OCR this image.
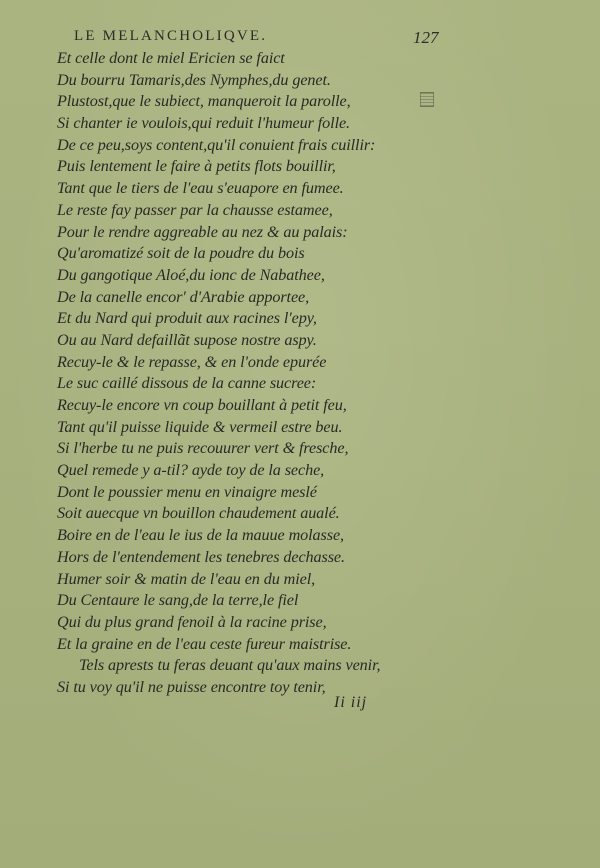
LE MELANCHOLIQVE.	127
Et celle dont le miel Ericien se faict
Du bourru Tamaris,des Nymphes,du genet.
Plustost,que le subiect, manqueroit la parolle,
Si chanter ie voulois,qui reduit l'humeur folle.
De ce peu,soys content,qu'il conuient frais cuillir:
Puis lentement le faire à petits flots bouillir,
Tant que le tiers de l'eau s'euapore en fumee.
Le reste fay passer par la chausse estamee,
Pour le rendre aggreable au nez & au palais:
Qu'aromatizé soit de la poudre du bois
Du gangotique Aloé,du ionc de Nabathee,
De la canelle encor' d'Arabie apportee,
Et du Nard qui produit aux racines l'epy,
Ou au Nard defaillãt supose nostre aspy.
Recuy-le & le repasse, & en l'onde epurée
Le suc caillé dissous de la canne sucree:
Recuy-le encore vn coup bouillant à petit feu,
Tant qu'il puisse liquide & vermeil estre beu.
Si l'herbe tu ne puis recouurer vert & fresche,
Quel remede y a-til? ayde toy de la seche,
Dont le poussier menu en vinaigre meslé
Soit auecque vn bouillon chaudement aualé.
Boire en de l'eau le ius de la mauue molasse,
Hors de l'entendement les tenebres dechasse.
Humer soir & matin de l'eau en du miel,
Du Centaure le sang,de la terre,le fiel
Qui du plus grand fenoil à la racine prise,
Et la graine en de l'eau ceste fureur maistrise.
Tels aprests tu feras deuant qu'aux mains venir,
Si tu voy qu'il ne puisse encontre toy tenir,
Ii iij
